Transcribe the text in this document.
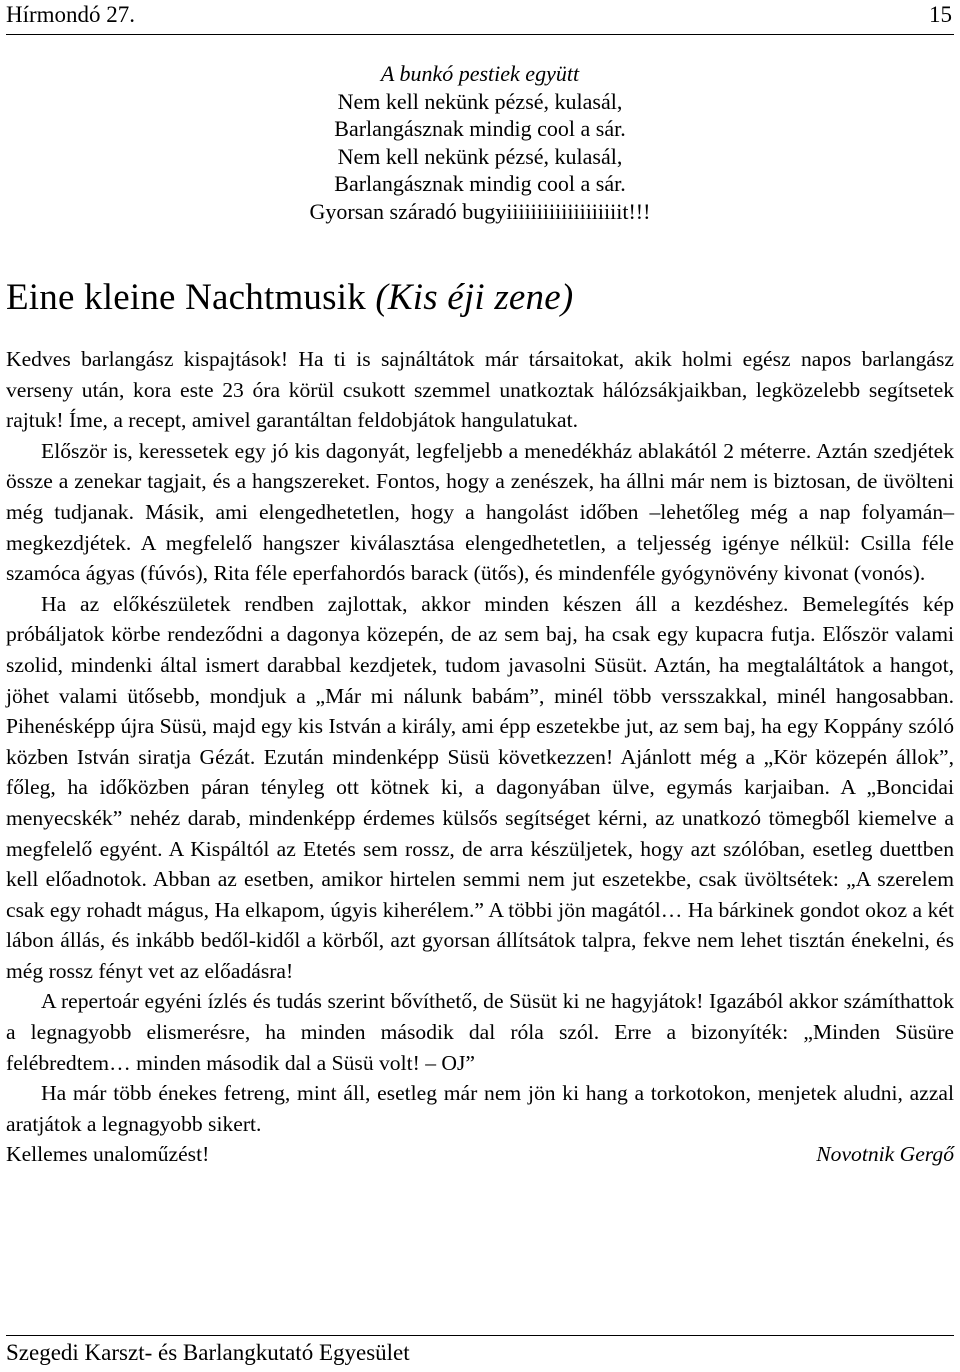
Hírmondó 27.	15
A bunkó pestiek együtt
Nem kell nekünk pézsé, kulasál,
Barlangásznak mindig cool a sár.
Nem kell nekünk pézsé, kulasál,
Barlangásznak mindig cool a sár.
Gyorsan száradó bugyiiiiiiiiiiiiiiiiiiit!!!
Eine kleine Nachtmusik (Kis éji zene)

Kedves barlangász kispajtások! Ha ti is sajnáltátok már társaitokat, akik holmi egész napos barlangász verseny után, kora este 23 óra körül csukott szemmel unatkoztak hálózsákjaikban, legközelebb segítsetek rajtuk! Íme, a recept, amivel garantáltan feldobjátok hangulatukat.

Először is, keressetek egy jó kis dagonyát, legfeljebb a menedékház ablakától 2 méterre. Aztán szedjétek össze a zenekar tagjait, és a hangszereket. Fontos, hogy a zenészek, ha állni már nem is biztosan, de üvölteni még tudjanak. Másik, ami elengedhetetlen, hogy a hangolást időben –lehetőleg még a nap folyamán– megkezdjétek. A megfelelő hangszer kiválasztása elengedhetetlen, a teljesség igénye nélkül: Csilla féle szamóca ágyas (fúvós), Rita féle eperfahordós barack (ütős), és mindenféle gyógynövény kivonat (vonós).

Ha az előkészületek rendben zajlottak, akkor minden készen áll a kezdéshez. Bemelegítés kép próbáljatok körbe rendeződni a dagonya közepén, de az sem baj, ha csak egy kupacra futja. Először valami szolid, mindenki által ismert darabbal kezdjetek, tudom javasolni Süsüt. Aztán, ha megtaláltátok a hangot, jöhet valami ütősebb, mondjuk a „Már mi nálunk babám”, minél több versszakkal, minél hangosabban. Pihenésképp újra Süsü, majd egy kis István a király, ami épp eszetekbe jut, az sem baj, ha egy Koppány szóló közben István siratja Gézát. Ezután mindenképp Süsü következzen! Ajánlott még a „Kör közepén állok”, főleg, ha időközben páran tényleg ott kötnek ki, a dagonyában ülve, egymás karjaiban. A „Boncidai menyecskék” nehéz darab, mindenképp érdemes külsős segítséget kérni, az unatkozó tömegből kiemelve a megfelelő egyént. A Kispáltól az Etetés sem rossz, de arra készüljetek, hogy azt szólóban, esetleg duettben kell előadnotok. Abban az esetben, amikor hirtelen semmi nem jut eszetekbe, csak üvöltsétek: „A szerelem csak egy rohadt mágus, Ha elkapom, úgyis kiherélem.” A többi jön magától… Ha bárkinek gondot okoz a két lábon állás, és inkább bedől-kidől a körből, azt gyorsan állítsátok talpra, fekve nem lehet tisztán énekelni, és még rossz fényt vet az előadásra!

A repertoár egyéni ízlés és tudás szerint bővíthető, de Süsüt ki ne hagyjátok! Igazából akkor számíthattok a legnagyobb elismerésre, ha minden második dal róla szól. Erre a bizonyíték: „Minden Süsüre felébredtem… minden második dal a Süsü volt! – OJ”

Ha már több énekes fetreng, mint áll, esetleg már nem jön ki hang a torkotokon, menjetek aludni, azzal aratjátok a legnagyobb sikert.

Kellemes unaloműzést!	Novotnik Gergő
Szegedi Karszt- és Barlangkutató Egyesület
